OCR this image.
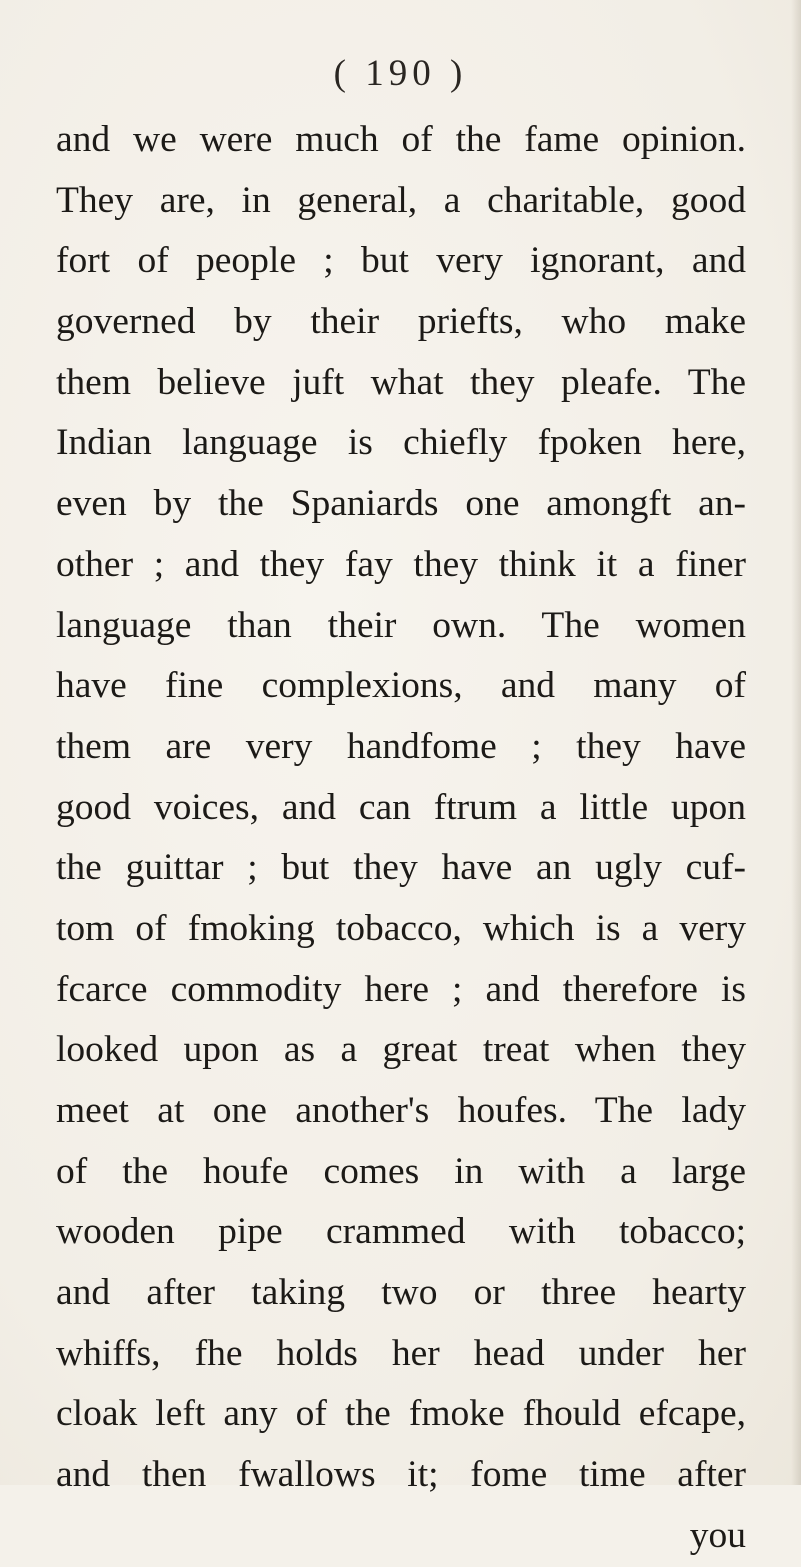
( 190 )
and we were much of the fame opinion.
They are, in general, a charitable, good
fort of people ; but very ignorant, and
governed by their priefts, who make
them believe juft what they pleafe. The
Indian language is chiefly fpoken here,
even by the Spaniards one amongft an-
other ; and they fay they think it a finer
language than their own. The women
have fine complexions, and many of
them are very handfome ; they have
good voices, and can ftrum a little upon
the guittar ; but they have an ugly cuf-
tom of fmoking tobacco, which is a very
fcarce commodity here ; and therefore is
looked upon as a great treat when they
meet at one another's houfes. The lady
of the houfe comes in with a large
wooden pipe crammed with tobacco;
and after taking two or three hearty
whiffs, fhe holds her head under her
cloak left any of the fmoke fhould efcape,
and then fwallows it; fome time after
you
